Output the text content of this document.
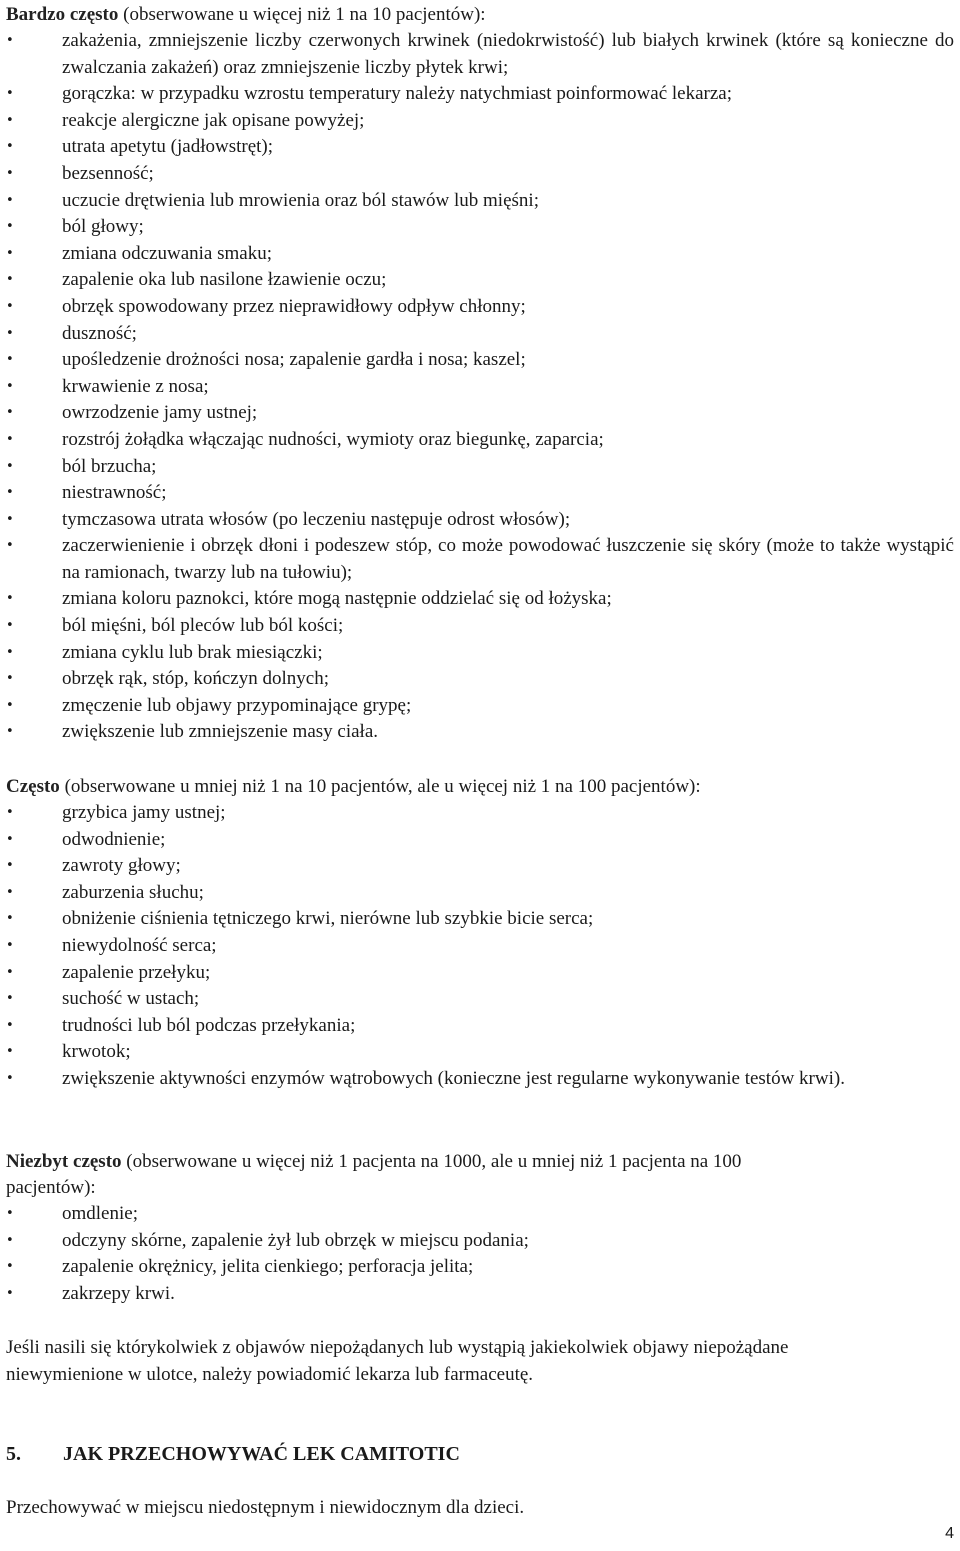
Bardzo często (obserwowane u więcej niż 1 na 10 pacjentów):
•	zakażenia, zmniejszenie liczby czerwonych krwinek (niedokrwistość) lub białych krwinek (które są konieczne do zwalczania zakażeń) oraz zmniejszenie liczby płytek krwi;
•	gorączka: w przypadku wzrostu temperatury należy natychmiast poinformować lekarza;
•	reakcje alergiczne jak opisane powyżej;
•	utrata apetytu (jadłowstręt);
•	bezsenność;
•	uczucie drętwienia lub mrowienia oraz ból stawów lub mięśni;
•	ból głowy;
•	zmiana odczuwania smaku;
•	zapalenie oka lub nasilone łzawienie oczu;
•	obrzęk spowodowany przez nieprawidłowy odpływ chłonny;
•	duszność;
•	upośledzenie drożności nosa; zapalenie gardła i nosa; kaszel;
•	krwawienie z nosa;
•	owrzodzenie jamy ustnej;
•	rozstrój żołądka włączając nudności, wymioty oraz biegunkę, zaparcia;
•	ból brzucha;
•	niestrawność;
•	tymczasowa utrata włosów (po leczeniu następuje odrost włosów);
•	zaczerwienienie i obrzęk dłoni i podeszew stóp, co może powodować łuszczenie się skóry (może to także wystąpić na ramionach, twarzy lub na tułowiu);
•	zmiana koloru paznokci, które mogą następnie oddzielać się od łożyska;
•	ból mięśni, ból pleców lub ból kości;
•	zmiana cyklu lub brak miesiączki;
•	obrzęk rąk, stóp, kończyn dolnych;
•	zmęczenie lub objawy przypominające grypę;
•	zwiększenie lub zmniejszenie masy ciała.
Często (obserwowane u mniej niż 1 na 10 pacjentów, ale u więcej niż 1 na 100 pacjentów):
•	grzybica jamy ustnej;
•	odwodnienie;
•	zawroty głowy;
•	zaburzenia słuchu;
•	obniżenie ciśnienia tętniczego krwi, nierówne lub szybkie bicie serca;
•	niewydolność serca;
•	zapalenie przełyku;
•	suchość w ustach;
•	trudności lub ból podczas przełykania;
•	krwotok;
•	zwiększenie aktywności enzymów wątrobowych (konieczne jest regularne wykonywanie testów krwi).
Niezbyt często (obserwowane u więcej niż 1 pacjenta na 1000, ale u mniej niż 1 pacjenta na 100
pacjentów):
•	omdlenie;
•	odczyny skórne, zapalenie żył lub obrzęk w miejscu podania;
•	zapalenie okrężnicy, jelita cienkiego; perforacja jelita;
•	zakrzepy krwi.
Jeśli nasili się którykolwiek z objawów niepożądanych lub wystąpią jakiekolwiek objawy niepożądane
niewymienione w ulotce, należy powiadomić lekarza lub farmaceutę.
5. JAK PRZECHOWYWAĆ LEK CAMITOTIC
Przechowywać w miejscu niedostępnym i niewidocznym dla dzieci.
4
